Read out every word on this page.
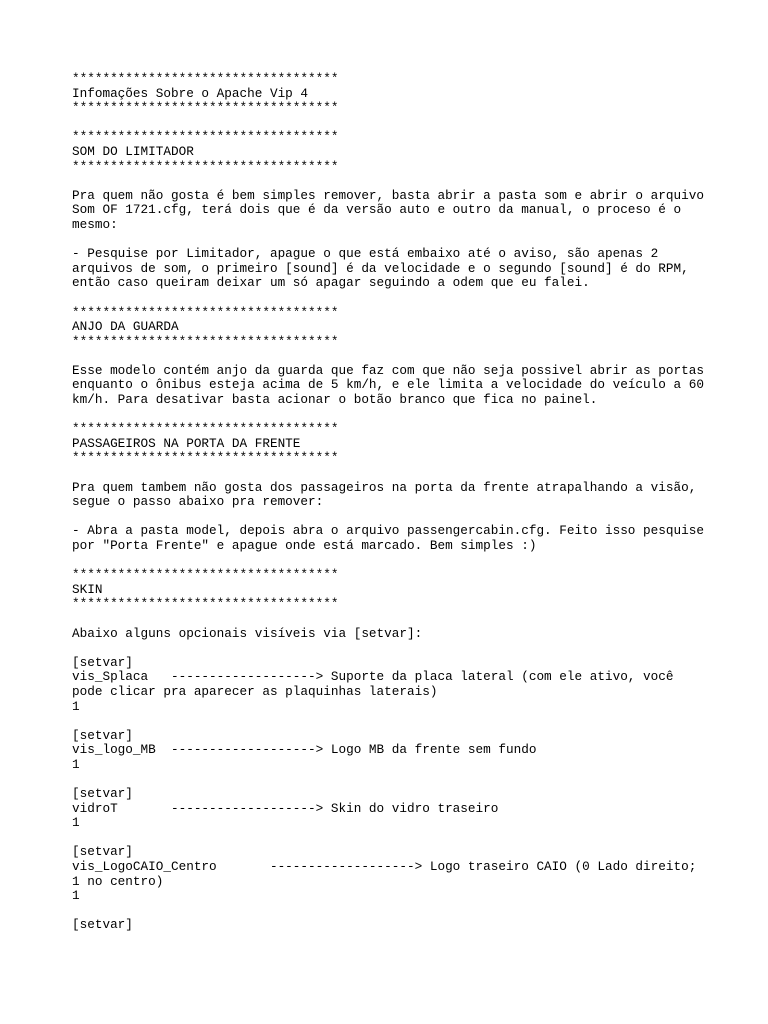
***********************************
Infomações Sobre o Apache Vip 4
***********************************
***********************************
SOM DO LIMITADOR
***********************************
Pra quem não gosta é bem simples remover, basta abrir a pasta som e abrir o arquivo
Som OF 1721.cfg, terá dois que é da versão auto e outro da manual, o proceso é o
mesmo:
- Pesquise por Limitador, apague o que está embaixo até o aviso, são apenas 2
arquivos de som, o primeiro [sound] é da velocidade e o segundo [sound] é do RPM,
então caso queiram deixar um só apagar seguindo a odem que eu falei.
***********************************
ANJO DA GUARDA
***********************************
Esse modelo contém anjo da guarda que faz com que não seja possivel abrir as portas
enquanto o ônibus esteja acima de 5 km/h, e ele limita a velocidade do veículo a 60
km/h. Para desativar basta acionar o botão branco que fica no painel.
***********************************
PASSAGEIROS NA PORTA DA FRENTE
***********************************
Pra quem tambem não gosta dos passageiros na porta da frente atrapalhando a visão,
segue o passo abaixo pra remover:
- Abra a pasta model, depois abra o arquivo passengercabin.cfg. Feito isso pesquise
por "Porta Frente" e apague onde está marcado. Bem simples :)
***********************************
SKIN
***********************************
Abaixo alguns opcionais visíveis via [setvar]:
[setvar]
vis_Splaca   -------------------> Suporte da placa lateral (com ele ativo, você
pode clicar pra aparecer as plaquinhas laterais)
1
[setvar]
vis_logo_MB  -------------------> Logo MB da frente sem fundo
1
[setvar]
vidroT       -------------------> Skin do vidro traseiro
1
[setvar]
vis_LogoCAIO_Centro       -------------------> Logo traseiro CAIO (0 Lado direito;
1 no centro)
1
[setvar]
